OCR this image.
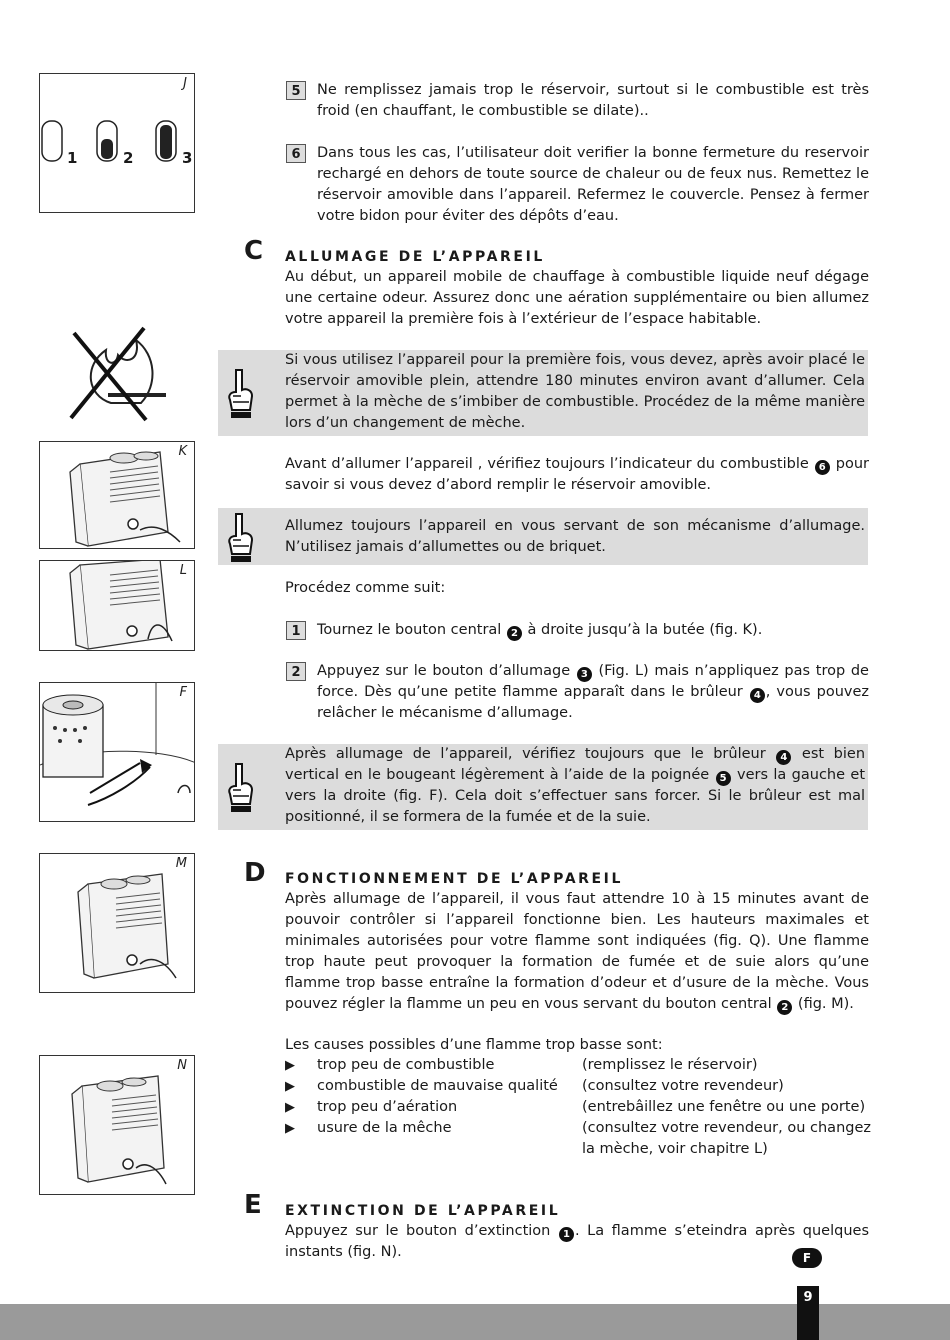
J
1	2	3
K
L
F
M
N
5	Ne remplissez jamais trop le réservoir, surtout si le combustible est très froid (en chauffant, le combustible se dilate)..
6	Dans tous les cas, l’utilisateur doit verifier la bonne fermeture du reservoir rechargé en dehors de toute source de chaleur ou de feux nus. Remettez le réservoir amovible dans l’appareil. Refermez le couvercle. Pensez à fermer votre bidon pour éviter des dépôts d’eau.
C ALLUMAGE DE L’APPAREIL
Au début, un appareil mobile de chauffage à combustible liquide neuf dégage une certaine odeur. Assurez donc une aération supplémentaire ou bien allumez votre appareil la première fois à l’extérieur de l’espace habitable.
Si vous utilisez l’appareil pour la première fois, vous devez, après avoir placé le réservoir amovible plein, attendre 180 minutes environ avant d’allumer. Cela permet à la mèche de s’imbiber de combustible. Procédez de la même manière lors d’un changement de mèche.
Avant d’allumer l’appareil , vérifiez toujours l’indicateur du combustible 6 pour savoir si vous devez d’abord remplir le réservoir amovible.
Allumez toujours l’appareil en vous servant de son mécanisme d’allumage. N’utilisez jamais d’allumettes ou de briquet.
Procédez comme suit:
1	Tournez le bouton central 2 à droite jusqu’à la butée (fig. K).
2	Appuyez sur le bouton d’allumage 3 (Fig. L) mais n’appliquez pas trop de force. Dès qu’une petite flamme apparaît dans le brûleur 4 , vous pouvez relâcher le mécanisme d’allumage.
Après allumage de l’appareil, vérifiez toujours que le brûleur 4 est bien vertical en le bougeant légèrement à l’aide de la poignée 5 vers la gauche et vers la droite (fig. F). Cela doit s’effectuer sans forcer. Si le brûleur est mal positionné, il se formera de la fumée et de la suie.
D FONCTIONNEMENT DE L’APPAREIL
Après allumage de l’appareil, il vous faut attendre 10 à 15 minutes avant de pouvoir contrôler si l’appareil fonctionne bien. Les hauteurs maximales et minimales autorisées pour votre flamme sont indiquées (fig. Q). Une flamme trop haute peut provoquer la formation de fumée et de suie alors qu’une flamme trop basse entraîne la formation d’odeur et d’usure de la mèche. Vous pouvez régler la flamme un peu en vous servant du bouton central 2 (fig. M).
Les causes possibles d’une flamme trop basse sont:
▶ trop peu de combustible	(remplissez le réservoir)
▶ combustible de mauvaise qualité (consultez votre revendeur)
▶ trop peu d’aération	(entrebâillez une fenêtre ou une porte)
▶ usure de la mêche	(consultez votre revendeur, ou changez la mèche, voir chapitre L)
E EXTINCTION DE L’APPAREIL
Appuyez sur le bouton d’extinction 1 . La flamme s’eteindra après quelques instants (fig. N).	F
9
